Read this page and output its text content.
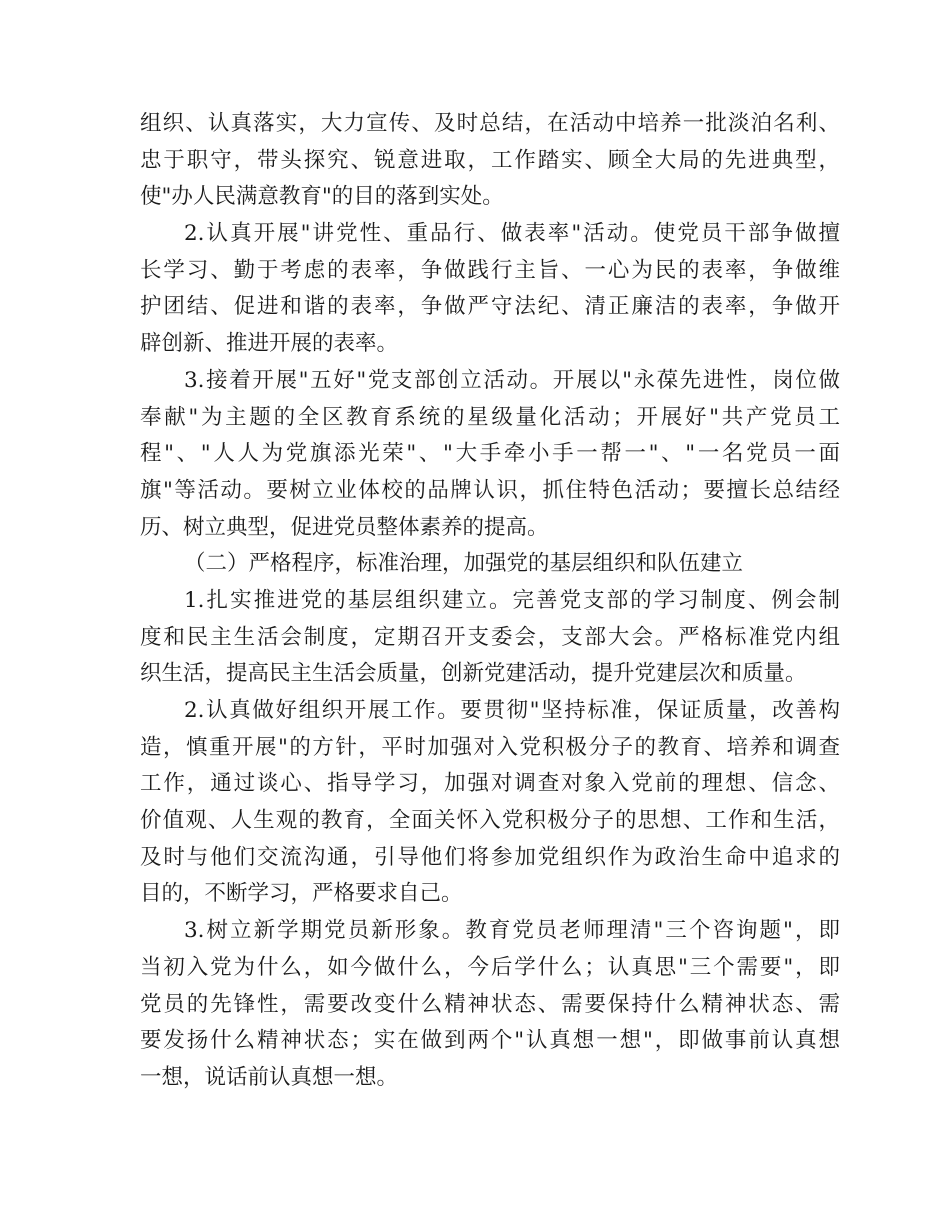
组织、认真落实，大力宣传、及时总结，在活动中培养一批淡泊名利、
忠于职守，带头探究、锐意进取，工作踏实、顾全大局的先进典型，
使"办人民满意教育"的目的落到实处。
2.认真开展"讲党性、重品行、做表率"活动。使党员干部争做擅
长学习、勤于考虑的表率，争做践行主旨、一心为民的表率，争做维
护团结、促进和谐的表率，争做严守法纪、清正廉洁的表率，争做开
辟创新、推进开展的表率。
3.接着开展"五好"党支部创立活动。开展以"永葆先进性，岗位做
奉献"为主题的全区教育系统的星级量化活动；开展好"共产党员工
程"、"人人为党旗添光荣"、"大手牵小手一帮一"、"一名党员一面
旗"等活动。要树立业体校的品牌认识，抓住特色活动；要擅长总结经
历、树立典型，促进党员整体素养的提高。
（二）严格程序，标准治理，加强党的基层组织和队伍建立
1.扎实推进党的基层组织建立。完善党支部的学习制度、例会制
度和民主生活会制度，定期召开支委会，支部大会。严格标准党内组
织生活，提高民主生活会质量，创新党建活动，提升党建层次和质量。
2.认真做好组织开展工作。要贯彻"坚持标准，保证质量，改善构
造，慎重开展"的方针，平时加强对入党积极分子的教育、培养和调查
工作，通过谈心、指导学习，加强对调查对象入党前的理想、信念、
价值观、人生观的教育，全面关怀入党积极分子的思想、工作和生活，
及时与他们交流沟通，引导他们将参加党组织作为政治生命中追求的
目的，不断学习，严格要求自己。
3.树立新学期党员新形象。教育党员老师理清"三个咨询题"，即
当初入党为什么，如今做什么，今后学什么；认真思"三个需要"，即
党员的先锋性，需要改变什么精神状态、需要保持什么精神状态、需
要发扬什么精神状态；实在做到两个"认真想一想"，即做事前认真想
一想，说话前认真想一想。
